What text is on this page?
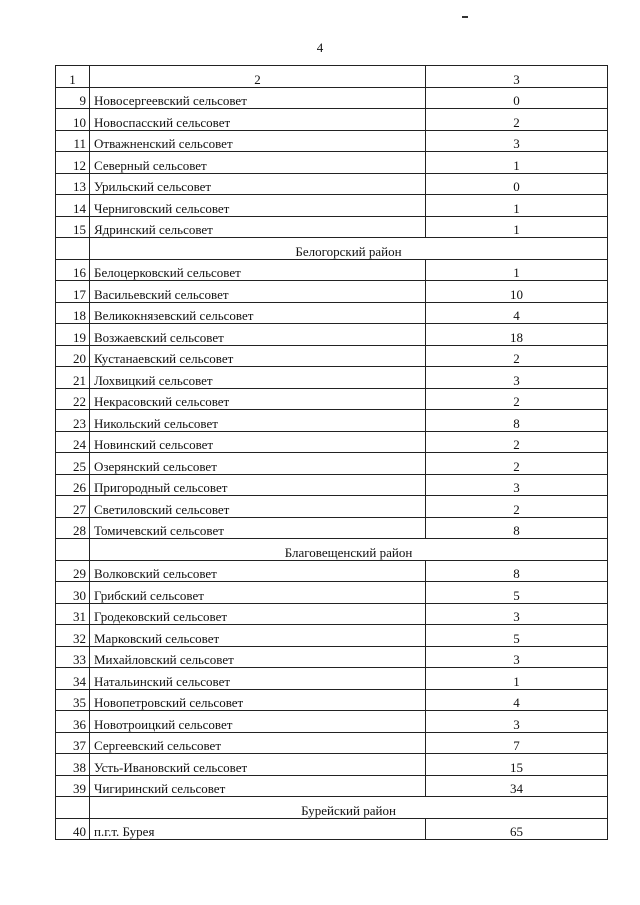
4
1	2	3
9	Новосергеевский сельсовет	0
10	Новоспасский сельсовет	2
11	Отважненский сельсовет	3
12	Северный сельсовет	1
13	Урильский сельсовет	0
14	Черниговский сельсовет	1
15	Ядринский сельсовет	1
	Белогорский район	
16	Белоцерковский сельсовет	1
17	Васильевский сельсовет	10
18	Великокнязевский сельсовет	4
19	Возжаевский сельсовет	18
20	Кустанаевский сельсовет	2
21	Лохвицкий сельсовет	3
22	Некрасовский сельсовет	2
23	Никольский сельсовет	8
24	Новинский сельсовет	2
25	Озерянский сельсовет	2
26	Пригородный сельсовет	3
27	Светиловский сельсовет	2
28	Томичевский сельсовет	8
	Благовещенский район	
29	Волковский сельсовет	8
30	Грибский сельсовет	5
31	Гродековский сельсовет	3
32	Марковский сельсовет	5
33	Михайловский сельсовет	3
34	Натальинский сельсовет	1
35	Новопетровский сельсовет	4
36	Новотроицкий сельсовет	3
37	Сергеевский сельсовет	7
38	Усть-Ивановский сельсовет	15
39	Чигиринский сельсовет	34
	Бурейский район	
40	п.г.т. Бурея	65
